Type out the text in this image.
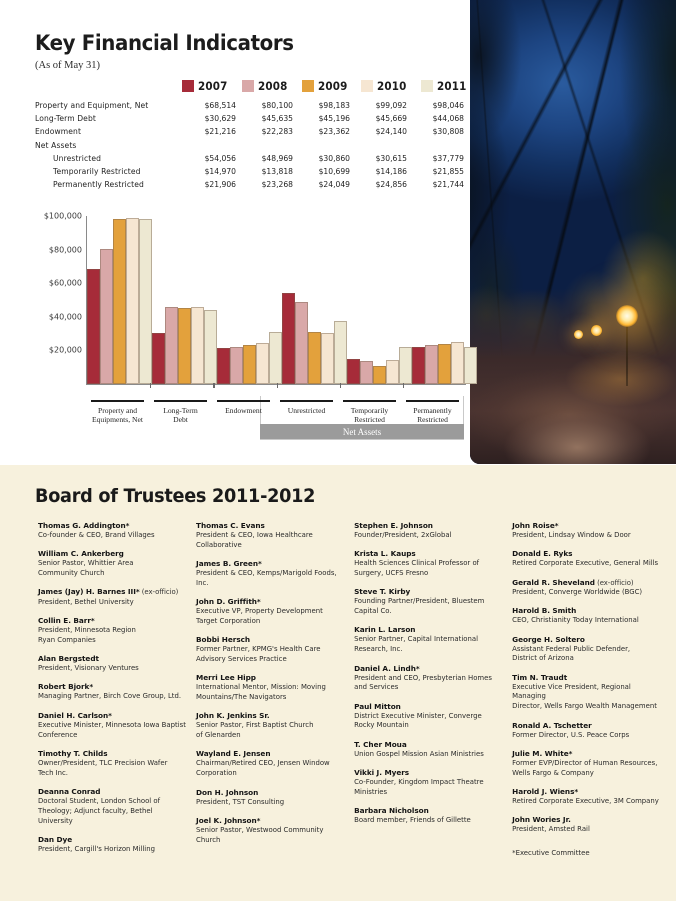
Key Financial Indicators
(As of May 31)
2007	2008	2009	2010	2011
Property and Equipment, Net	$68,514	$80,100	$98,183	$99,092	$98,046
Long-Term Debt	$30,629	$45,635	$45,196	$45,669	$44,068
Endowment	$21,216	$22,283	$23,362	$24,140	$30,808
Net Assets					
Unrestricted	$54,056	$48,969	$30,860	$30,615	$37,779
Temporarily Restricted	$14,970	$13,818	$10,699	$14,186	$21,855
Permanently Restricted	$21,906	$23,268	$24,049	$24,856	$21,744
$20,000
$40,000
$60,000
$80,000
$100,000
Property and
Equipments, Net
Long-Term
Debt
Endowment	Unrestricted	Temporarily
Restricted
Permanently
Restricted
Net Assets
Board of Trustees 2011-2012
Thomas G. Addington*
Co-founder & CEO, Brand Villages
William C. Ankerberg
Senior Pastor, Whittier Area
Community Church
James (Jay) H. Barnes III* (ex-officio)
President, Bethel University
Collin E. Barr*
President, Minnesota Region
Ryan Companies
Alan Bergstedt
President, Visionary Ventures
Robert Bjork*
Managing Partner, Birch Cove Group, Ltd.
Daniel H. Carlson*
Executive Minister, Minnesota Iowa Baptist
Conference
Timothy T. Childs
Owner/President, TLC Precision Wafer
Tech Inc.
Deanna Conrad
Doctoral Student, London School of
Theology; Adjunct faculty, Bethel University
Dan Dye
President, Cargill's Horizon Milling
Thomas C. Evans
President & CEO, Iowa Healthcare
Collaborative
James B. Green*
President & CEO, Kemps/Marigold Foods,
Inc.
John D. Griffith*
Executive VP, Property Development
Target Corporation
Bobbi Hersch
Former Partner, KPMG's Health Care
Advisory Services Practice
Merri Lee Hipp
International Mentor, Mission: Moving
Mountains/The Navigators
John K. Jenkins Sr.
Senior Pastor, First Baptist Church
of Glenarden
Wayland E. Jensen
Chairman/Retired CEO, Jensen Window
Corporation
Don H. Johnson
President, TST Consulting
Joel K. Johnson*
Senior Pastor, Westwood Community Church
Stephen E. Johnson
Founder/President, 2xGlobal
Krista L. Kaups
Health Sciences Clinical Professor of
Surgery, UCFS Fresno
Steve T. Kirby
Founding Partner/President, Bluestem
Capital Co.
Karin L. Larson
Senior Partner, Capital International
Research, Inc.
Daniel A. Lindh*
President and CEO, Presbyterian Homes
and Services
Paul Mitton
District Executive Minister, Converge
Rocky Mountain
T. Cher Moua
Union Gospel Mission Asian Ministries
Vikki J. Myers
Co-Founder, Kingdom Impact Theatre
Ministries
Barbara Nicholson
Board member, Friends of Gillette
John Roise*
President, Lindsay Window & Door
Donald E. Ryks
Retired Corporate Executive, General Mills
Gerald R. Sheveland (ex-officio)
President, Converge Worldwide (BGC)
Harold B. Smith
CEO, Christianity Today International
George H. Soltero
Assistant Federal Public Defender,
District of Arizona
Tim N. Traudt
Executive Vice President, Regional Managing
Director, Wells Fargo Wealth Management
Ronald A. Tschetter
Former Director, U.S. Peace Corps
Julie M. White*
Former EVP/Director of Human Resources,
Wells Fargo & Company
Harold J. Wiens*
Retired Corporate Executive, 3M Company
John Wories Jr.
President, Amsted Rail
*Executive Committee
